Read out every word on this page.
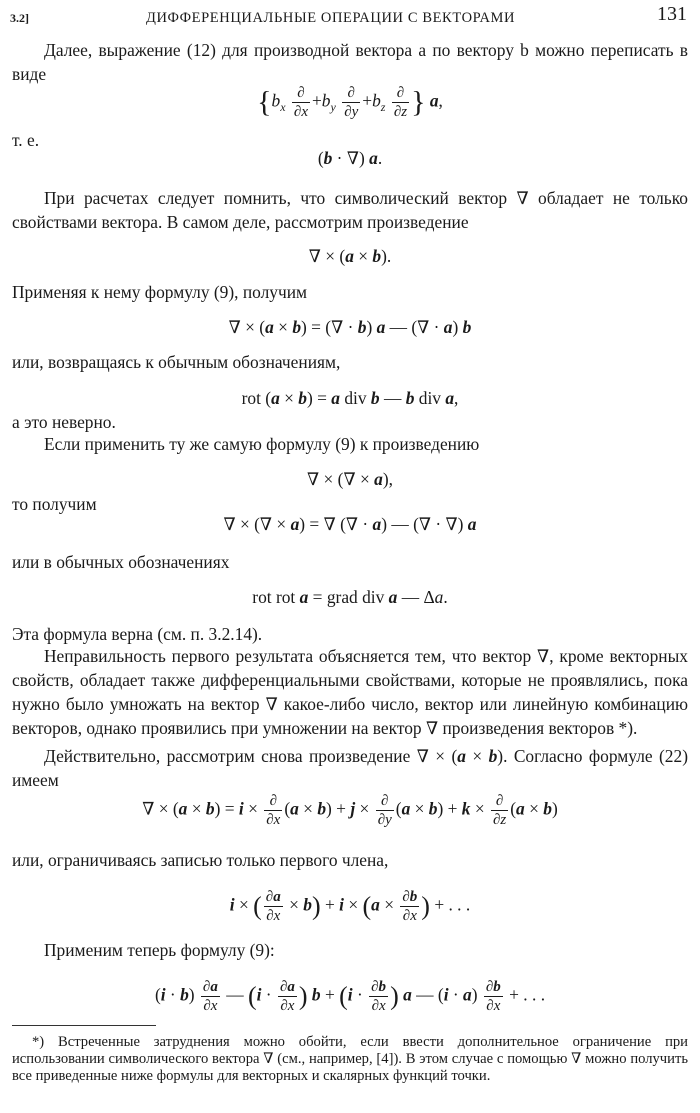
3.2]	ДИФФЕРЕНЦИАЛЬНЫЕ ОПЕРАЦИИ С ВЕКТОРАМИ	131
Далее, выражение (12) для производной вектора a по вектору b можно переписать в виде
{$b_x \frac{\partial}{\partial x} +b_y \frac{\partial}{\partial y} +b_z \frac{\partial}{\partial z}$ } a,
т. е.
(b · ∇) a.
При расчетах следует помнить, что символический вектор ∇ обладает не только свойствами вектора. В самом деле, рассмотрим произведение
∇ × (a × b).
Применяя к нему формулу (9), получим
∇ × (a × b) = (∇ · b) a — (∇ · a) b
или, возвращаясь к обычным обозначениям,
rot (a × b) = a div b — b div a,
а это неверно.
Если применить ту же самую формулу (9) к произведению
∇ × (∇ × a),
то получим
∇ × (∇ × a) = ∇ (∇ · a) — (∇ · ∇) a
или в обычных обозначениях
rot rot a = grad div a — Δa.
Эта формула верна (см. п. 3.2.14).
Неправильность первого результата объясняется тем, что вектор ∇, кроме векторных свойств, обладает также дифференциальными свойствами, которые не проявлялись, пока нужно было умножать на вектор ∇ какое-либо число, вектор или линейную комбинацию векторов, однако проявились при умножении на вектор ∇ произведения векторов *).
Действительно, рассмотрим снова произведение ∇ × (a × b). Согласно формуле (22) имеем
∇ × $(a \times b) = i \times \frac{\partial}{\partial x} (a \times b) + j \times \frac{\partial}{\partial y} (a \times b) + k \times \frac{\partial}{\partial z} (a \times b)$
или, ограничиваясь записью только первого члена,
i × ( $\frac{\partial a}{\partial x} \times b) + i \times (a \times \frac{\partial b}{\partial x}$ ) + . . .
Применим теперь формулу (9):
$(i \cdot b) \frac{\partial a}{\partial x}$ — ($i \cdot \frac{\partial a}{\partial x}$ ) $b + (i \cdot \frac{\partial b}{\partial x}$ ) a — $(i \cdot a) \frac{\partial b}{\partial x}$ + . . .
*) Встреченные затруднения можно обойти, если ввести дополнительное ограничение при использовании символического вектора ∇ (см., например, [4]). В этом случае с помощью ∇ можно получить все приведенные ниже формулы для векторных и скалярных функций точки.
